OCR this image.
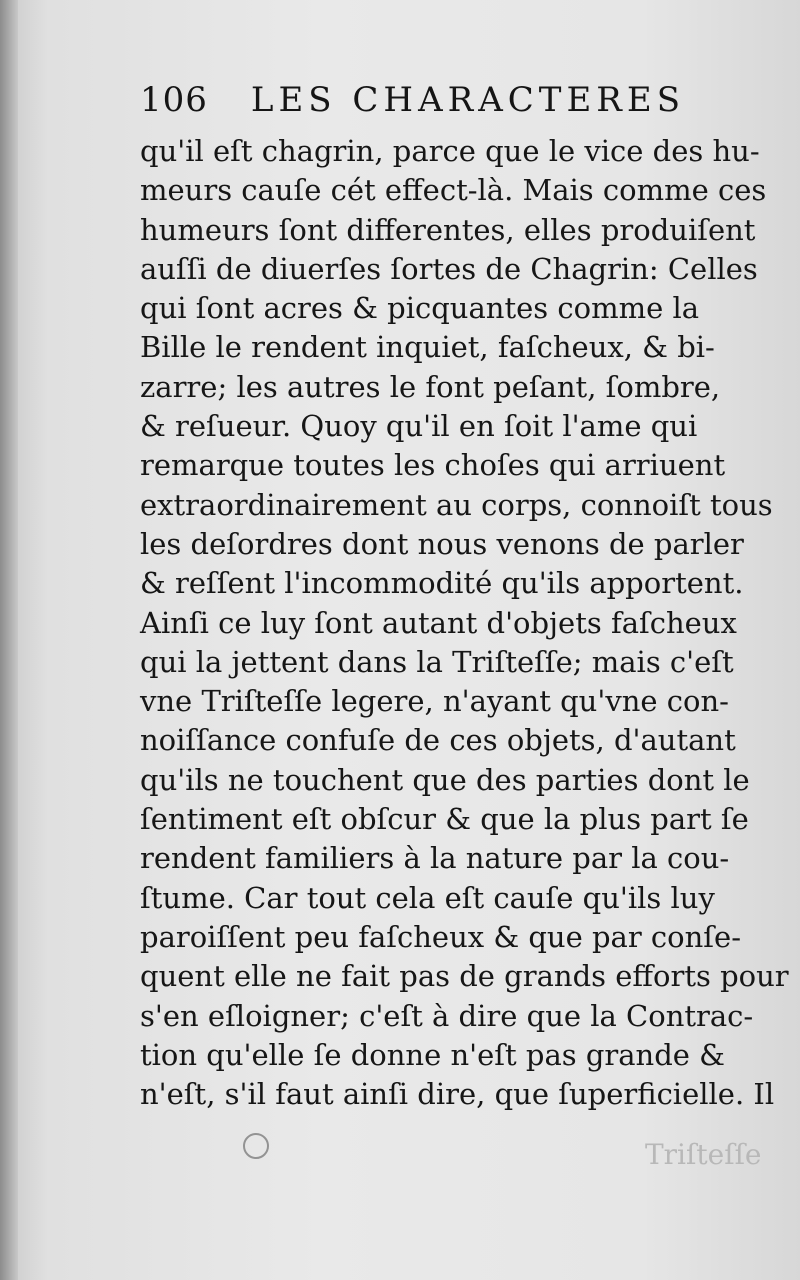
106 LES CHARACTERES
qu'il eſt chagrin, parce que le vice des hu-
meurs cauſe cét effect-là. Mais comme ces
humeurs ſont differentes, elles produiſent
auſſi de diuerſes ſortes de Chagrin: Celles
qui ſont acres & picquantes comme la
Bille le rendent inquiet, faſcheux, & bi-
zarre; les autres le font peſant, ſombre,
& reſueur. Quoy qu'il en ſoit l'ame qui
remarque toutes les choſes qui arriuent
extraordinairement au corps, connoiſt tous
les deſordres dont nous venons de parler
& reſſent l'incommodité qu'ils apportent.
Ainſi ce luy ſont autant d'objets faſcheux
qui la jettent dans la Triſteſſe; mais c'eſt
vne Triſteſſe legere, n'ayant qu'vne con-
noiſſance confuſe de ces objets, d'autant
qu'ils ne touchent que des parties dont le
ſentiment eſt obſcur & que la plus part ſe
rendent familiers à la nature par la cou-
ſtume. Car tout cela eſt cauſe qu'ils luy
paroiſſent peu faſcheux & que par conſe-
quent elle ne fait pas de grands efforts pour
s'en eſloigner; c'eſt à dire que la Contrac-
tion qu'elle ſe donne n'eſt pas grande &
n'eſt, s'il faut ainſi dire, que ſuperficielle. Il
Triſteſſe
